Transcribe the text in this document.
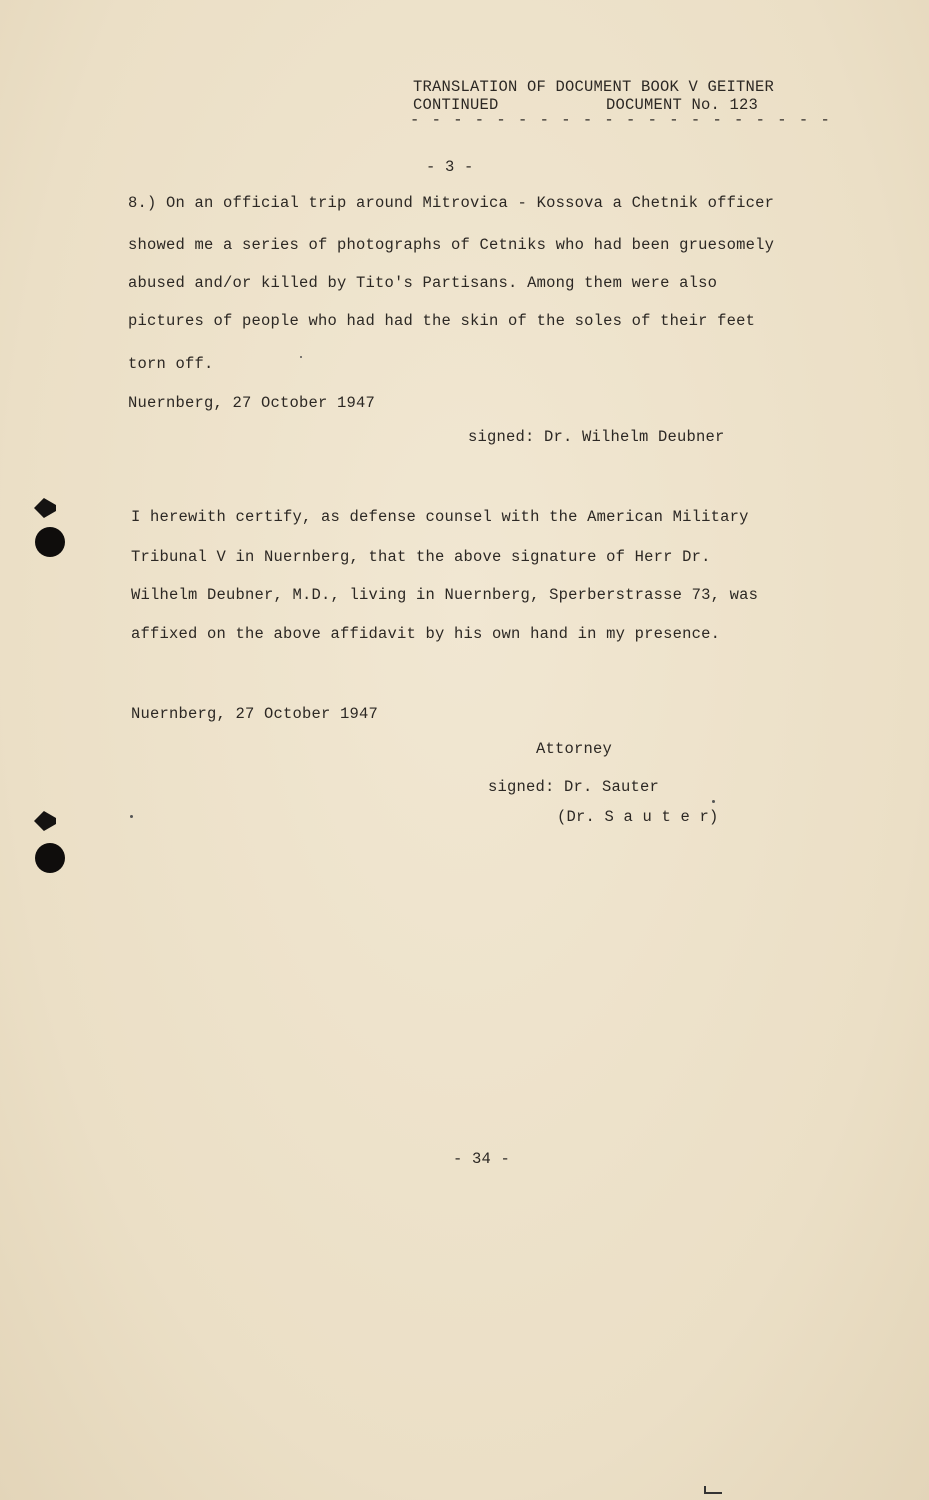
TRANSLATION OF DOCUMENT BOOK V GEITNER
CONTINUED	DOCUMENT No. 123
- - - - - - - - - - - - - - - - - - - -
- 3 -
8.) On an official trip around Mitrovica - Kossova a Chetnik officer
showed me a series of photographs of Cetniks who had been gruesomely
abused and/or killed by Tito's Partisans. Among them were also
pictures of people who had had the skin of the soles of their feet
torn off.
Nuernberg, 27 October 1947
signed: Dr. Wilhelm Deubner
I herewith certify, as defense counsel with the American Military
Tribunal V in Nuernberg, that the above signature of Herr Dr.
Wilhelm Deubner, M.D., living in Nuernberg, Sperberstrasse 73, was
affixed on the above affidavit by his own hand in my presence.
Nuernberg, 27 October 1947
Attorney
signed: Dr. Sauter
(Dr. S a u t e r)
- 34 -
